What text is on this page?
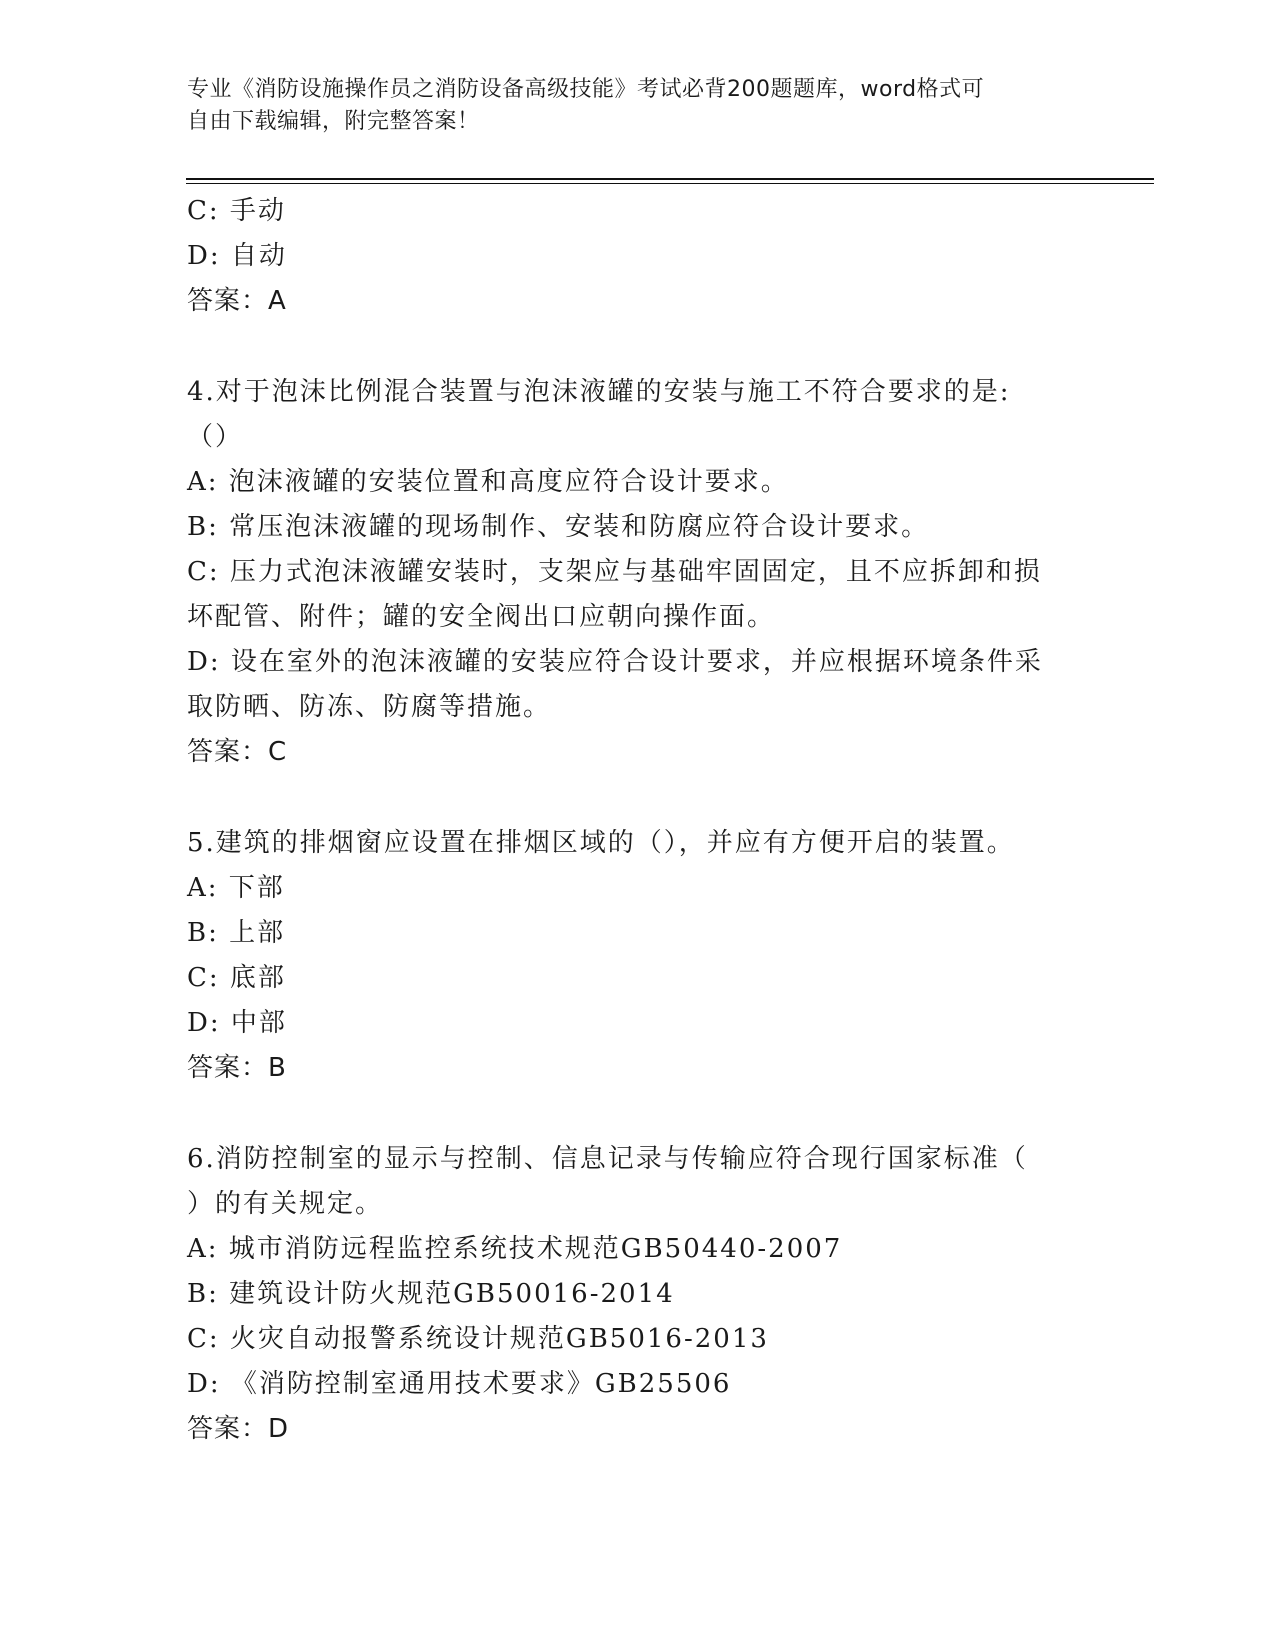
专业《消防设施操作员之消防设备高级技能》考试必背200题题库，word格式可
自由下载编辑，附完整答案！
C: 手动
D: 自动
答案：A
4.对于泡沫比例混合装置与泡沫液罐的安装与施工不符合要求的是:
（）
A: 泡沫液罐的安装位置和高度应符合设计要求。
B: 常压泡沫液罐的现场制作、安装和防腐应符合设计要求。
C: 压力式泡沫液罐安装时，支架应与基础牢固固定，且不应拆卸和损
坏配管、附件；罐的安全阀出口应朝向操作面。
D: 设在室外的泡沫液罐的安装应符合设计要求，并应根据环境条件采
取防晒、防冻、防腐等措施。
答案：C
5.建筑的排烟窗应设置在排烟区域的（），并应有方便开启的装置。
A: 下部
B: 上部
C: 底部
D: 中部
答案：B
6.消防控制室的显示与控制、信息记录与传输应符合现行国家标准（
）的有关规定。
A: 城市消防远程监控系统技术规范GB50440-2007
B: 建筑设计防火规范GB50016-2014
C: 火灾自动报警系统设计规范GB5016-2013
D: 《消防控制室通用技术要求》GB25506
答案：D
